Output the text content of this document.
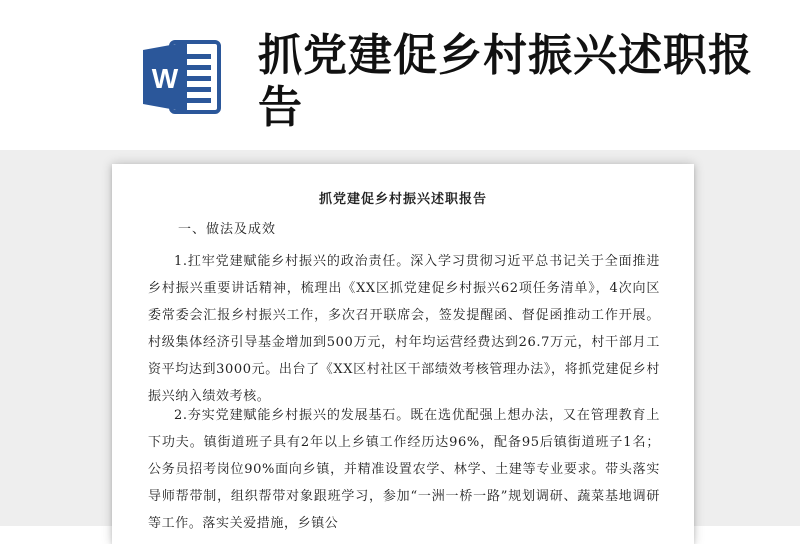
W 抓党建促乡村振兴述职报告
抓党建促乡村振兴述职报告
一、做法及成效
1.扛牢党建赋能乡村振兴的政治责任。深入学习贯彻习近平总书记关于全面推进乡村振兴重要讲话精神，梳理出《XX区抓党建促乡村振兴62项任务清单》，4次向区委常委会汇报乡村振兴工作，多次召开联席会，签发提醒函、督促函推动工作开展。村级集体经济引导基金增加到500万元，村年均运营经费达到26.7万元，村干部月工资平均达到3000元。出台了《XX区村社区干部绩效考核管理办法》，将抓党建促乡村振兴纳入绩效考核。
2.夯实党建赋能乡村振兴的发展基石。既在选优配强上想办法，又在管理教育上下功夫。镇街道班子具有2年以上乡镇工作经历达96%，配备95后镇街道班子1名；公务员招考岗位90%面向乡镇，并精准设置农学、林学、土建等专业要求。带头落实导师帮带制，组织帮带对象跟班学习，参加“一洲一桥一路”规划调研、蔬菜基地调研等工作。落实关爱措施，乡镇公
